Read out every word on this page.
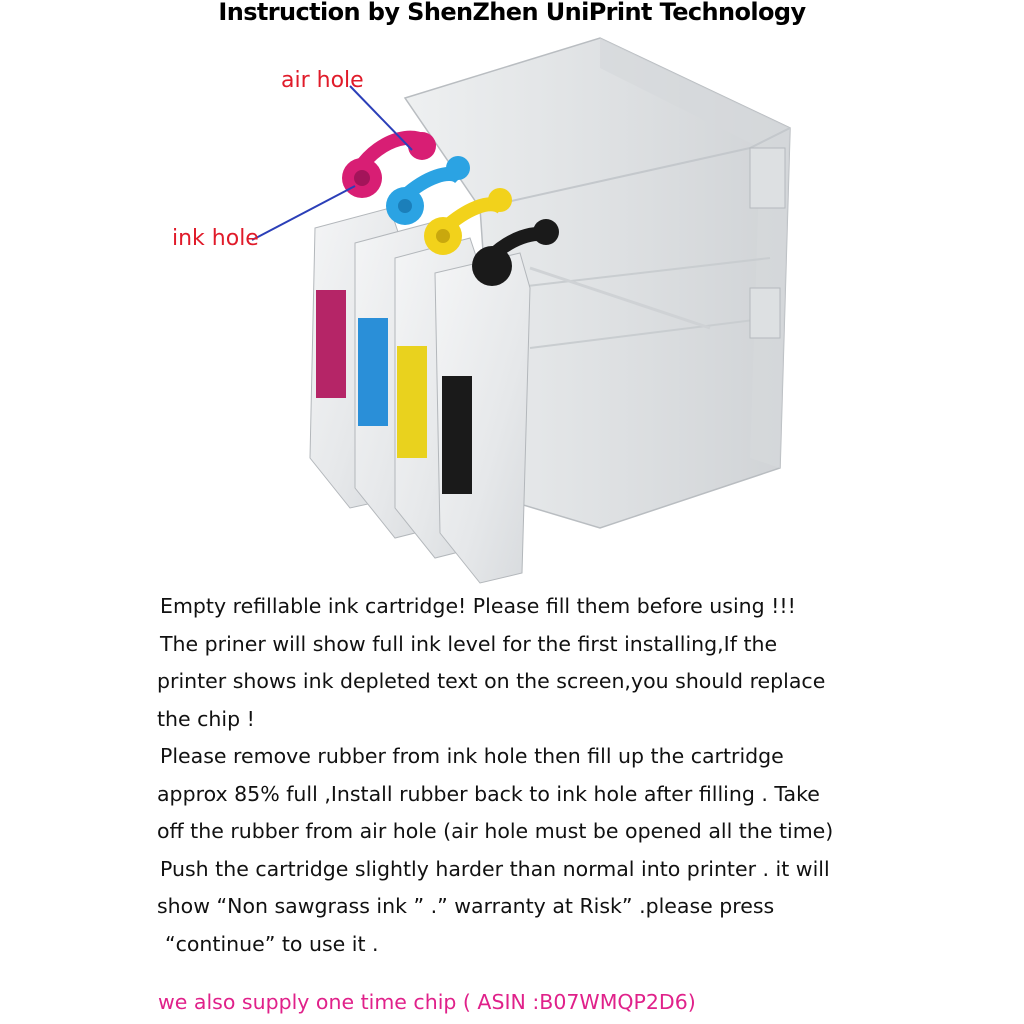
Instruction by ShenZhen UniPrint Technology
air hole
ink hole
Empty refillable ink cartridge! Please fill them before using !!!
The priner will show full ink level for the first installing,If the
printer shows ink depleted text on the screen,you should replace
the chip !
Please remove rubber from ink hole then fill up the cartridge
approx 85% full ,Install rubber back to ink hole after filling . Take
off the rubber from air hole (air hole must be opened all the time)
Push the cartridge slightly harder than normal into printer . it will
show “Non sawgrass ink ” .” warranty at Risk” .please press
“continue” to use it .
we also supply one time chip ( ASIN :B07WMQP2D6)
